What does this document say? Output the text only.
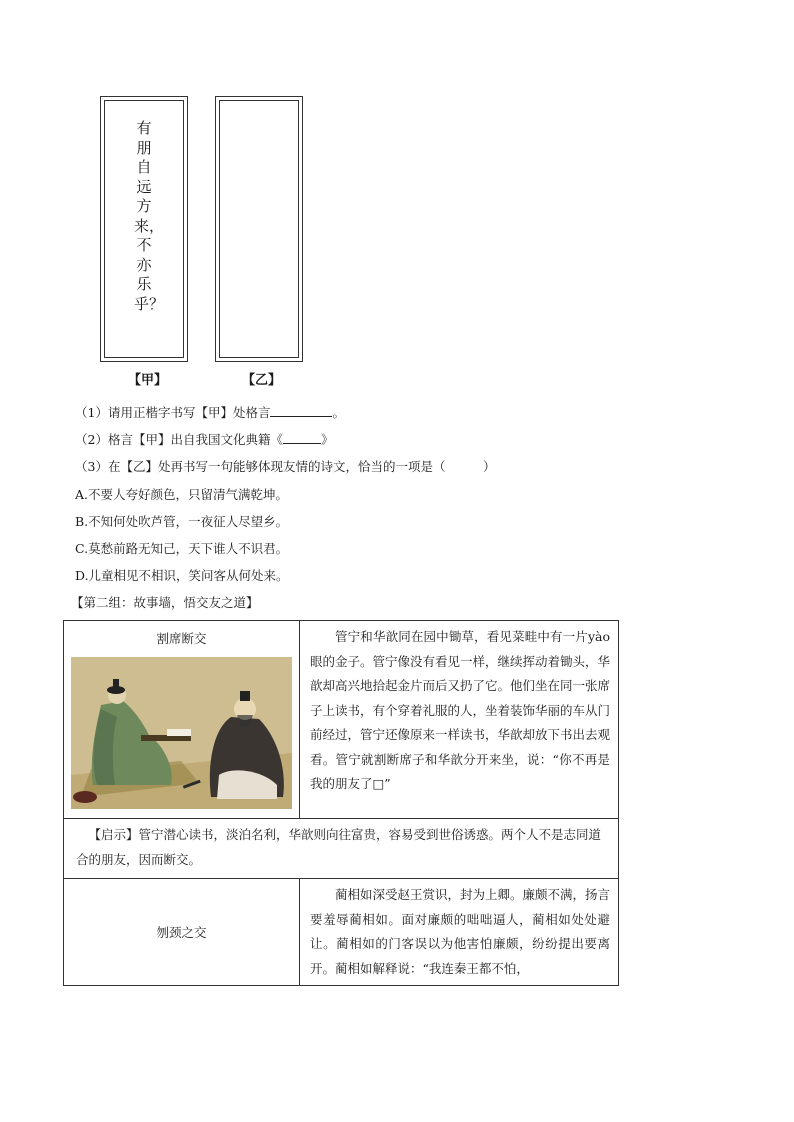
有朋自远方来，不亦乐乎？
【甲】	【乙】
（1）请用正楷字书写【甲】处格言	。
（2）格言【甲】出自我国文化典籍《	》
（3）在【乙】处再书写一句能够体现友情的诗文，恰当的一项是（　　　）
A.不要人夸好颜色，只留清气满乾坤。
B.不知何处吹芦管，一夜征人尽望乡。
C.莫愁前路无知己，天下谁人不识君。
D.儿童相见不相识，笑问客从何处来。
【第二组：故事墙，悟交友之道】
割席断交	管宁和华歆同在园中锄草，看见菜畦中有一片yào眼的金子。管宁像没有看见一样，继续挥动着锄头，华歆却高兴地拾起金片而后又扔了它。他们坐在同一张席子上读书，有个穿着礼服的人，坐着装饰华丽的车从门前经过，管宁还像原来一样读书，华歆却放下书出去观看。管宁就割断席子和华歆分开来坐，说：“你不再是我的朋友了□”
【启示】管宁潜心读书，淡泊名利，华歆则向往富贵，容易受到世俗诱惑。两个人不是志同道合的朋友，因而断交。	
刎颈之交	蔺相如深受赵王赏识，封为上卿。廉颇不满，扬言要羞辱蔺相如。面对廉颇的咄咄逼人，蔺相如处处避让。蔺相如的门客误以为他害怕廉颇，纷纷提出要离开。蔺相如解释说：“我连秦王都不怕，
